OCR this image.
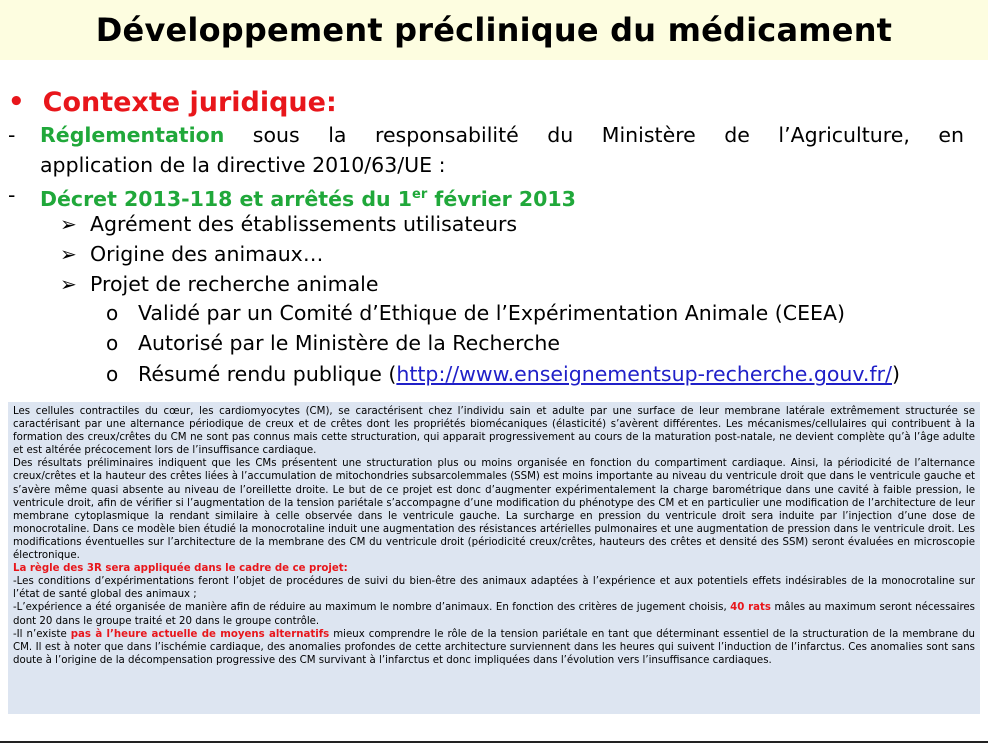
Développement préclinique du médicament
• Contexte juridique:
- Réglementation sous la responsabilité du Ministère de l’Agriculture, en
application de la directive 2010/63/UE :
- Décret 2013-118 et arrêtés du 1er février 2013
➢ Agrément des établissements utilisateurs
➢ Origine des animaux…
➢ Projet de recherche animale
o Validé par un Comité d’Ethique de l’Expérimentation Animale (CEEA)
o Autorisé par le Ministère de la Recherche
o Résumé rendu publique ( http://www.enseignementsup-recherche.gouv.fr/ )

Les cellules contractiles du cœur, les cardiomyocytes (CM), se caractérisent chez l’individu sain et adulte par une surface de leur membrane latérale extrêmement structurée se caractérisant par une alternance périodique de creux et de crêtes dont les propriétés biomécaniques (élasticité) s’avèrent différentes. Les mécanismes/cellulaires qui contribuent à la formation des creux/crêtes du CM ne sont pas connus mais cette structuration, qui apparait progressivement au cours de la maturation post-natale, ne devient complète qu’à l’âge adulte et est altérée précocement lors de l’insuffisance cardiaque.

Des résultats préliminaires indiquent que les CMs présentent une structuration plus ou moins organisée en fonction du compartiment cardiaque. Ainsi, la périodicité de l’alternance creux/crêtes et la hauteur des crêtes liées à l’accumulation de mitochondries subsarcolemmales (SSM) est moins importante au niveau du ventricule droit que dans le ventricule gauche et s’avère même quasi absente au niveau de l’oreillette droite. Le but de ce projet est donc d’augmenter expérimentalement la charge barométrique dans une cavité à faible pression, le ventricule droit, afin de vérifier si l’augmentation de la tension pariétale s’accompagne d’une modification du phénotype des CM et en particulier une modification de l’architecture de leur membrane cytoplasmique la rendant similaire à celle observée dans le ventricule gauche. La surcharge en pression du ventricule droit sera induite par l’injection d’une dose de monocrotaline. Dans ce modèle bien étudié la monocrotaline induit une augmentation des résistances artérielles pulmonaires et une augmentation de pression dans le ventricule droit. Les modifications éventuelles sur l’architecture de la membrane des CM du ventricule droit (périodicité creux/crêtes, hauteurs des crêtes et densité des SSM) seront évaluées en microscopie électronique.

La règle des 3R sera appliquée dans le cadre de ce projet:

-Les conditions d’expérimentations feront l’objet de procédures de suivi du bien-être des animaux adaptées à l’expérience et aux potentiels effets indésirables de la monocrotaline sur l’état de santé global des animaux ;

-L’expérience a été organisée de manière afin de réduire au maximum le nombre d’animaux. En fonction des critères de jugement choisis, 40 rats mâles au maximum seront nécessaires dont 20 dans le groupe traité et 20 dans le groupe contrôle.

-Il n’existe pas à l’heure actuelle de moyens alternatifs mieux comprendre le rôle de la tension pariétale en tant que déterminant essentiel de la structuration de la membrane du CM. Il est à noter que dans l’ischémie cardiaque, des anomalies profondes de cette architecture surviennent dans les heures qui suivent l’induction de l’infarctus. Ces anomalies sont sans doute à l’origine de la décompensation progressive des CM survivant à l’infarctus et donc impliquées dans l’évolution vers l’insuffisance cardiaques.
